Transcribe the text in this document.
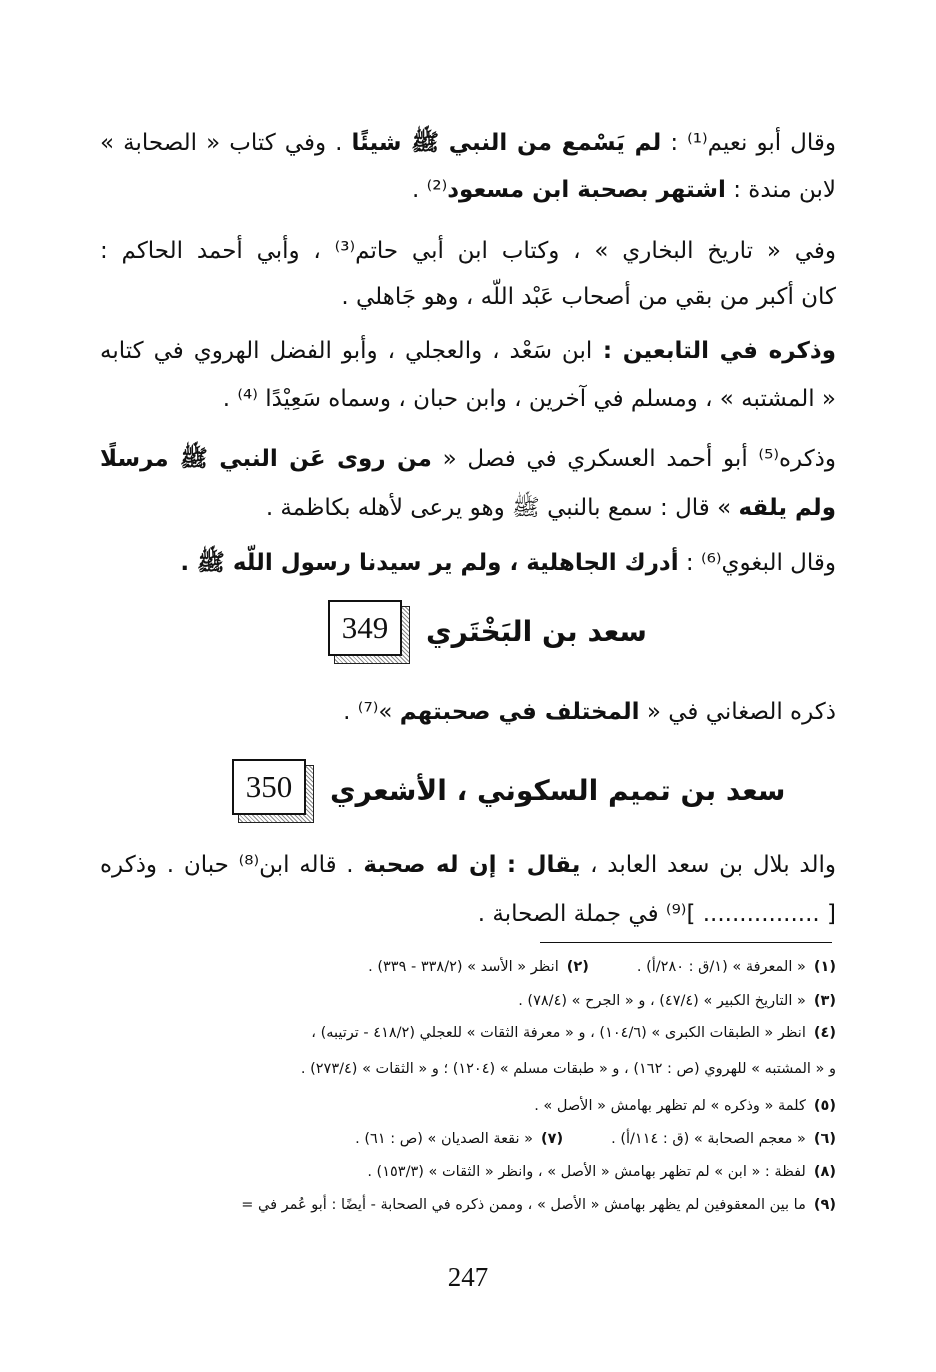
وقال أبو نعيم⁽¹⁾ : لم يَسْمع من النبي ﷺ شيئًا . وفي كتاب « الصحابة »
لابن مندة : اشتهر بصحبة ابن مسعود⁽²⁾ .
وفي « تاريخ البخاري » ، وكتاب ابن أبي حاتم⁽³⁾ ، وأبي أحمد الحاكم :
كان أكبر من بقي من أصحاب عَبْد اللّه ، وهو جَاهلي .
وذكره في التابعين : ابن سَعْد ، والعجلي ، وأبو الفضل الهروي في كتابه
« المشتبه » ، ومسلم في آخرين ، وابن حبان ، وسماه سَعِيْدًا ⁽⁴⁾ .
وذكره⁽⁵⁾ أبو أحمد العسكري في فصل « من روى عَن النبي ﷺ مرسلًا
ولم يلقه » قال : سمع بالنبي ﷺ وهو يرعى لأهله بكاظمة .
وقال البغوي⁽⁶⁾ : أدرك الجاهلية ، ولم ير سيدنا رسول اللّه ﷺ .
سعد بن البَخْتَري
349
ذكره الصغاني في « المختلف في صحبتهم »⁽⁷⁾ .
سعد بن تميم السكوني ، الأشعري
350
والد بلال بن سعد العابد ، يقال : إن له صحبة . قاله ابن⁽⁸⁾ حبان . وذكره
[ ................ ]⁽⁹⁾ في جملة الصحابة .
(١)« المعرفة » (١/ق : ٢٨٠/أ) .(٢)انظر « الأسد » (٣٣٨/٢ - ٣٣٩) .
(٣)« التاريخ الكبير » (٤٧/٤) ، و « الجرح » (٧٨/٤) .
(٤)انظر « الطبقات الكبرى » (١٠٤/٦) ، و « معرفة الثقات » للعجلي (٤١٨/٢ - ترتيبه) ،
و « المشتبه » للهروي (ص : ١٦٢) ، و « طبقات مسلم » (١٢٠٤) ؛ و « الثقات » (٢٧٣/٤) .
(٥)كلمة « وذكره » لم تظهر بهامش « الأصل » .
(٦)« معجم الصحابة » (ق : ١١٤/أ) .(٧)« نقعة الصديان » (ص : ٦١) .
(٨)لفظة : « ابن » لم تظهر بهامش « الأصل » ، وانظر « الثقات » (١٥٣/٣) .
(٩)ما بين المعقوفين لم يظهر بهامش « الأصل » ، وممن ذكره في الصحابة - أيضًا : أبو عُمر في =
247
